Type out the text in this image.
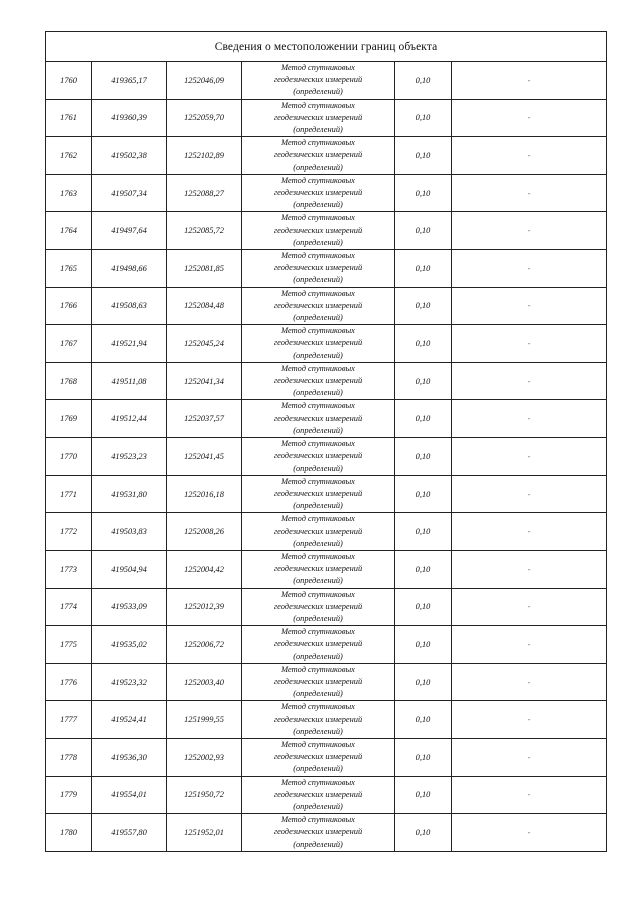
Сведения о местоположении границ объекта					
1760	419365,17	1252046,09	Метод спутниковых
геодезических измерений
(определений)	0,10	-
1761	419360,39	1252059,70	Метод спутниковых
геодезических измерений
(определений)	0,10	-
1762	419502,38	1252102,89	Метод спутниковых
геодезических измерений
(определений)	0,10	-
1763	419507,34	1252088,27	Метод спутниковых
геодезических измерений
(определений)	0,10	-
1764	419497,64	1252085,72	Метод спутниковых
геодезических измерений
(определений)	0,10	-
1765	419498,66	1252081,85	Метод спутниковых
геодезических измерений
(определений)	0,10	-
1766	419508,63	1252084,48	Метод спутниковых
геодезических измерений
(определений)	0,10	-
1767	419521,94	1252045,24	Метод спутниковых
геодезических измерений
(определений)	0,10	-
1768	419511,08	1252041,34	Метод спутниковых
геодезических измерений
(определений)	0,10	-
1769	419512,44	1252037,57	Метод спутниковых
геодезических измерений
(определений)	0,10	-
1770	419523,23	1252041,45	Метод спутниковых
геодезических измерений
(определений)	0,10	-
1771	419531,80	1252016,18	Метод спутниковых
геодезических измерений
(определений)	0,10	-
1772	419503,83	1252008,26	Метод спутниковых
геодезических измерений
(определений)	0,10	-
1773	419504,94	1252004,42	Метод спутниковых
геодезических измерений
(определений)	0,10	-
1774	419533,09	1252012,39	Метод спутниковых
геодезических измерений
(определений)	0,10	-
1775	419535,02	1252006,72	Метод спутниковых
геодезических измерений
(определений)	0,10	-
1776	419523,32	1252003,40	Метод спутниковых
геодезических измерений
(определений)	0,10	-
1777	419524,41	1251999,55	Метод спутниковых
геодезических измерений
(определений)	0,10	-
1778	419536,30	1252002,93	Метод спутниковых
геодезических измерений
(определений)	0,10	-
1779	419554,01	1251950,72	Метод спутниковых
геодезических измерений
(определений)	0,10	-
1780	419557,80	1251952,01	Метод спутниковых
геодезических измерений
(определений)	0,10	-
